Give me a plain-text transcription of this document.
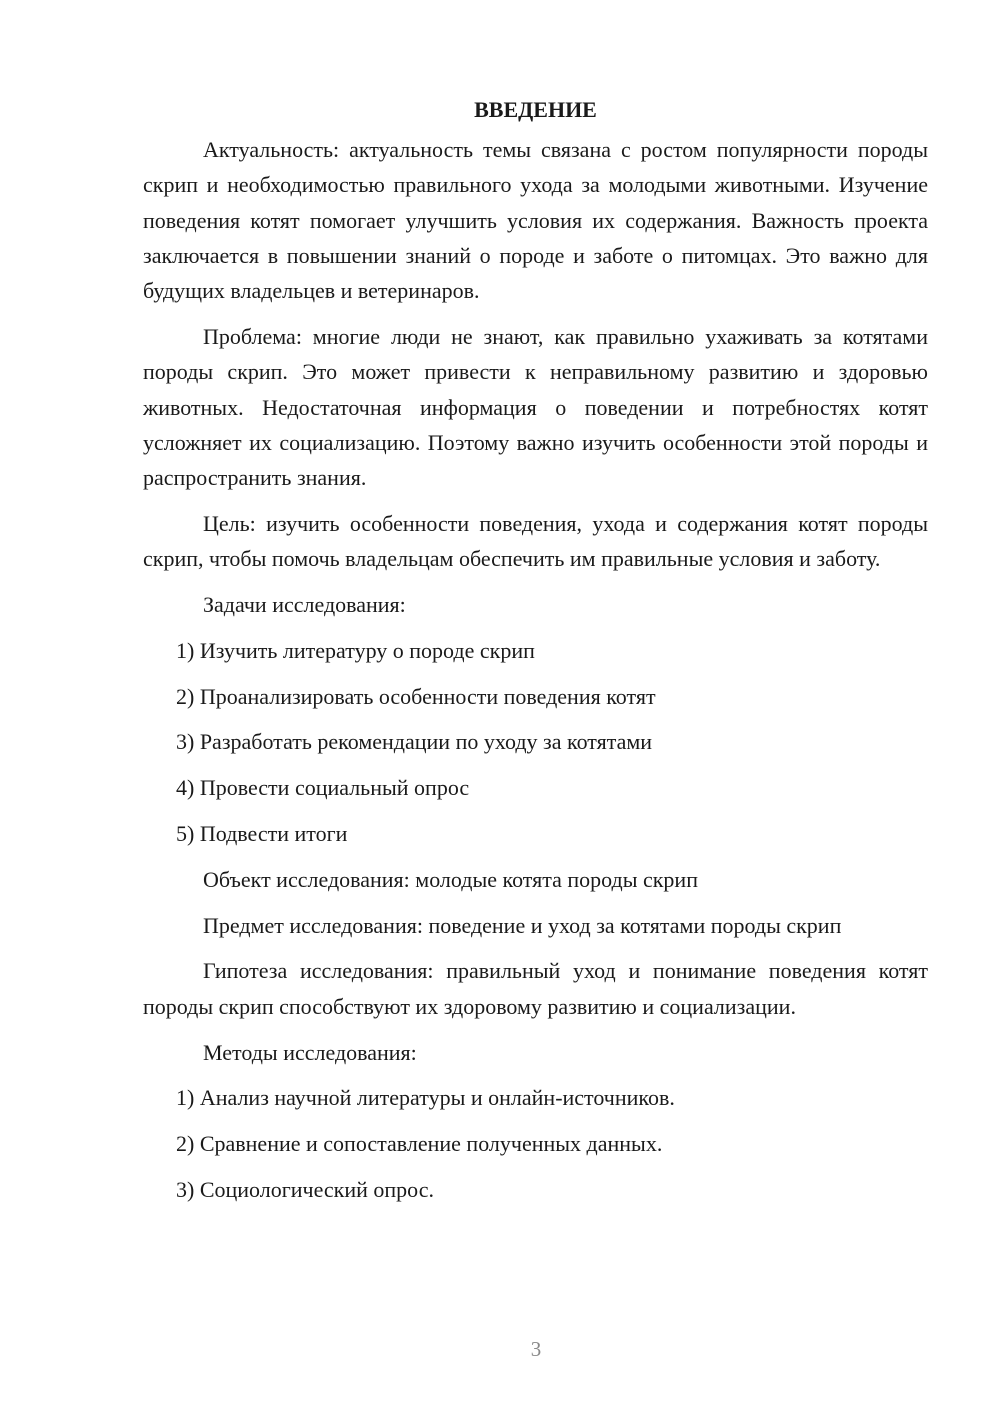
ВВЕДЕНИЕ

Актуальность: актуальность темы связана с ростом популярности породы скрип и необходимостью правильного ухода за молодыми животными. Изучение поведения котят помогает улучшить условия их содержания. Важность проекта заключается в повышении знаний о породе и заботе о питомцах. Это важно для будущих владельцев и ветеринаров.

Проблема: многие люди не знают, как правильно ухаживать за котятами породы скрип. Это может привести к неправильному развитию и здоровью животных. Недостаточная информация о поведении и потребностях котят усложняет их социализацию. Поэтому важно изучить особенности этой породы и распространить знания.

Цель: изучить особенности поведения, ухода и содержания котят породы скрип, чтобы помочь владельцам обеспечить им правильные условия и заботу.

Задачи исследования:

1) Изучить литературу о породе скрип
2) Проанализировать особенности поведения котят
3) Разработать рекомендации по уходу за котятами
4) Провести социальный опрос
5) Подвести итоги

Объект исследования: молодые котята породы скрип

Предмет исследования: поведение и уход за котятами породы скрип

Гипотеза исследования: правильный уход и понимание поведения котят породы скрип способствуют их здоровому развитию и социализации.

Методы исследования:

1) Анализ научной литературы и онлайн-источников.
2) Сравнение и сопоставление полученных данных.
3) Социологический опрос.
3
